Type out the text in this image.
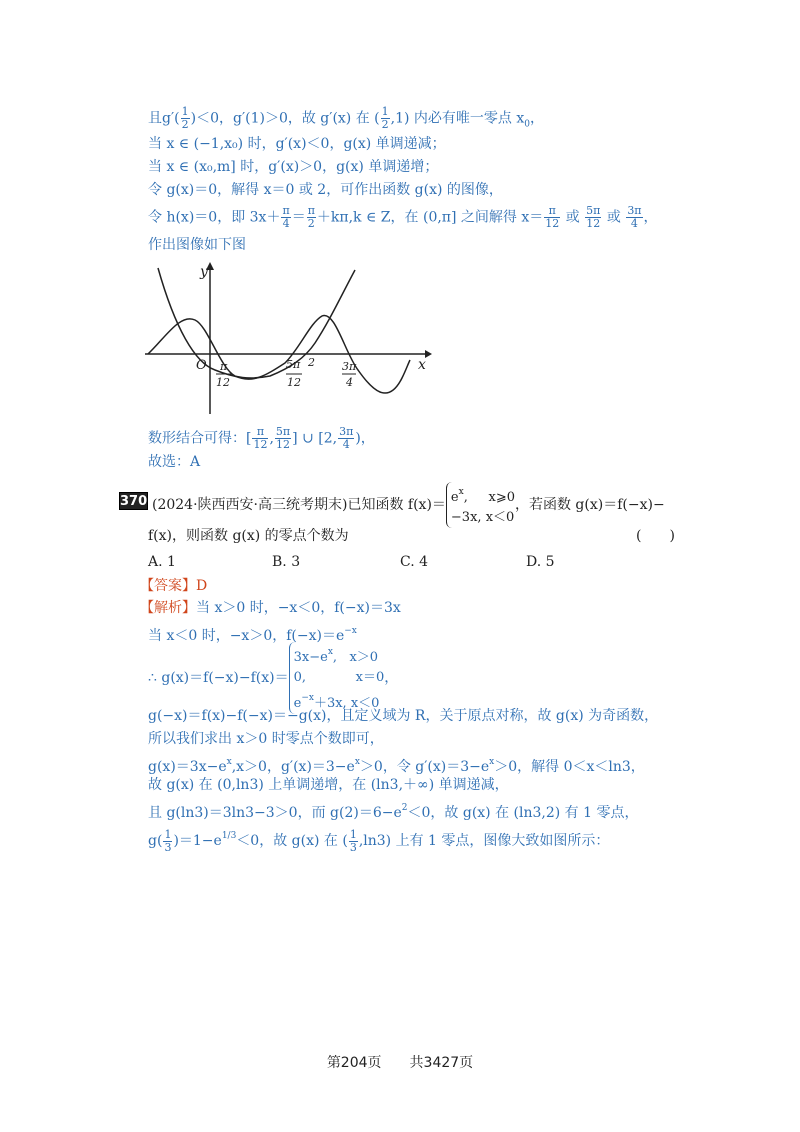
且$g'( \frac{1}{2} )<0$，g′(1)＞0，故 g′(x) 在 ( $\frac{1}{2} ,1$) 内必有唯一零点 $x_0$，
当 x ∈ (−1,x₀) 时，g′(x)＜0，g(x) 单调递减；
当 x ∈ (x₀,m] 时，g′(x)＞0，g(x) 单调递增；
令 g(x)＝0，解得 x＝0 或 2，可作出函数 g(x) 的图像，
令 h(x)＝0，即 $3x+ \frac{\pi}{4} = \frac{\pi}{2} +k\pi,k$ ∈ Z，在 (0,π] 之间解得 $x= \frac{\pi}{12}$ 或 $\frac{5\pi}{12}$ 或 $\frac{3\pi}{4}$ ，
作出图像如下图
y
x
O π
12
5π
12
2 3π
4
数形结合可得：[ $\frac{\pi}{12}$ , $\frac{5\pi}{12}$ ] ∪ [2, $\frac{3\pi}{4}$ )，
故选：A
370 (2024·陕西西安·高三统考期末)已知函数 $f(x)= e^x$,     x⩾0
−3x, x＜0
，若函数 g(x)＝f(−x)−
f(x)，则函数 g(x) 的零点个数为	(　　)
A. 1	B. 3	C. 4	D. 5
【答案】D
【解析】当 x＞0 时，−x＜0，f(−x)＝3x
当 x＜0 时，−x＞0，$f(-x)=e^{-x}$
∴ g(x)＝f(−x)−f(x)＝
$3x-e^x$, x＞0
0,	x＝0
$e^{-x}+3x$, x＜0
，
g(−x)＝f(x)−f(−x)＝−g(x)，且定义域为 R，关于原点对称，故 g(x) 为奇函数，
所以我们求出 x＞0 时零点个数即可，
$g(x)=3x-e^x,x>0$，$g'(x)=3-e^x>0$，令 $g'(x)=3-e^x>0$，解得 0＜x＜ln3，
故 g(x) 在 (0,ln3) 上单调递增，在 (ln3,＋∞) 单调递减，
且 g(ln3)＝3ln3−3＞0，而 $g(2)=6-e^2<0$，故 g(x) 在 (ln3,2) 有 1 零点，
$g( \frac{1}{3} )=1-e^{1/3}<0$，故 g(x) 在 ( $\frac{1}{3} ,\ln 3$) 上有 1 零点，图像大致如图所示：
第204页　　共3427页
